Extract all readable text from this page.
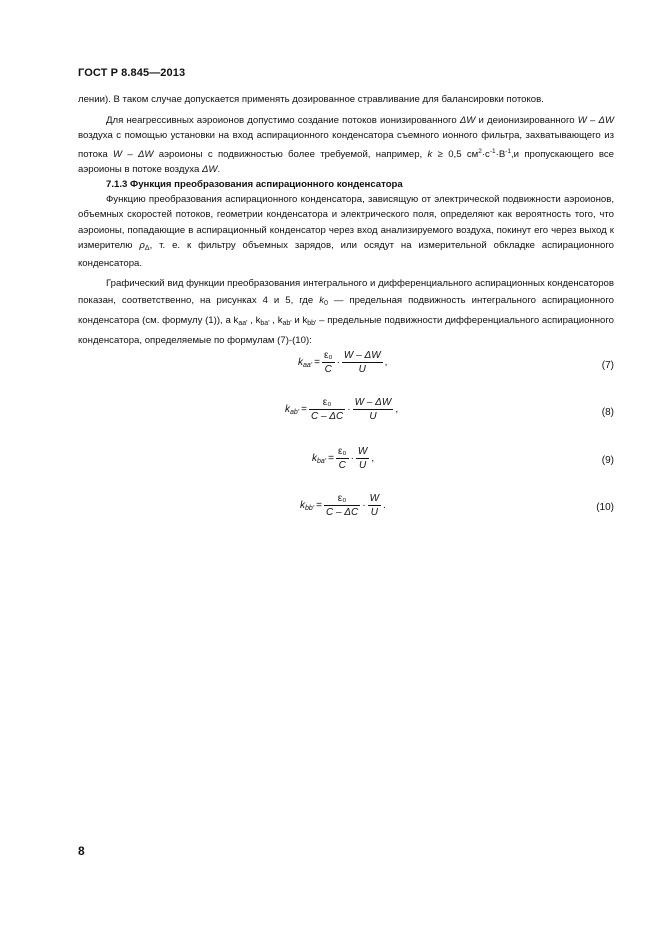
ГОСТ Р 8.845—2013

лении). В таком случае допускается применять дозированное стравливание для балансировки потоков.

Для неагрессивных аэроионов допустимо создание потоков ионизированного ΔW и деионизированного W – ΔW воздуха с помощью установки на вход аспирационного конденсатора съемного ионного фильтра, захватывающего из потока W – ΔW аэроионы с подвижностью более требуемой, например, k ≥ 0,5 $см^2\cdot с^{-1}\cdot В^{-1},и$ пропускающего все аэроионы в потоке воздуха ΔW.

7.1.3 Функция преобразования аспирационного конденсатора

Функцию преобразования аспирационного конденсатора, зависящую от электрической подвижности аэроионов, объемных скоростей потоков, геометрии конденсатора и электрического поля, определяют как вероятность того, что аэроионы, попадающие в аспирационный конденсатор через вход анализируемого воздуха, покинут его через выход к измерителю $\rho_\Delta$, т. е. к фильтру объемных зарядов, или осядут на измерительной обкладке аспирационного конденсатора.

Графический вид функции преобразования интегрального и дифференциального аспирационных конденсаторов показан, соответственно, на рисунках 4 и 5, где $k_0$ — предельная подвижность интегрального аспирационного конденсатора (см. формулу (1)), а $k_{aa'}$ , $k_{ba'}$ , $k_{ab'}$ и $k_{bb'}$ – предельные подвижности дифференциального аспирационного конденсатора, определяемые по формулам (7)-(10):

$k_{aa'} = \frac{\text{ε₀}}{C} \cdot \frac{W - \Delta W}{U}$ ,	(7)
$k_{ab'} = \frac{\text{ε₀}}{C - \Delta C} \cdot \frac{W - \Delta W}{U}$ ,	(8)
$k_{ba'} = \frac{\text{ε₀}}{C} \cdot \frac{W}{U}$ ,	(9)
$k_{bb'} = \frac{\text{ε₀}}{C - \Delta C} \cdot \frac{W}{U}$ .	(10)
8
